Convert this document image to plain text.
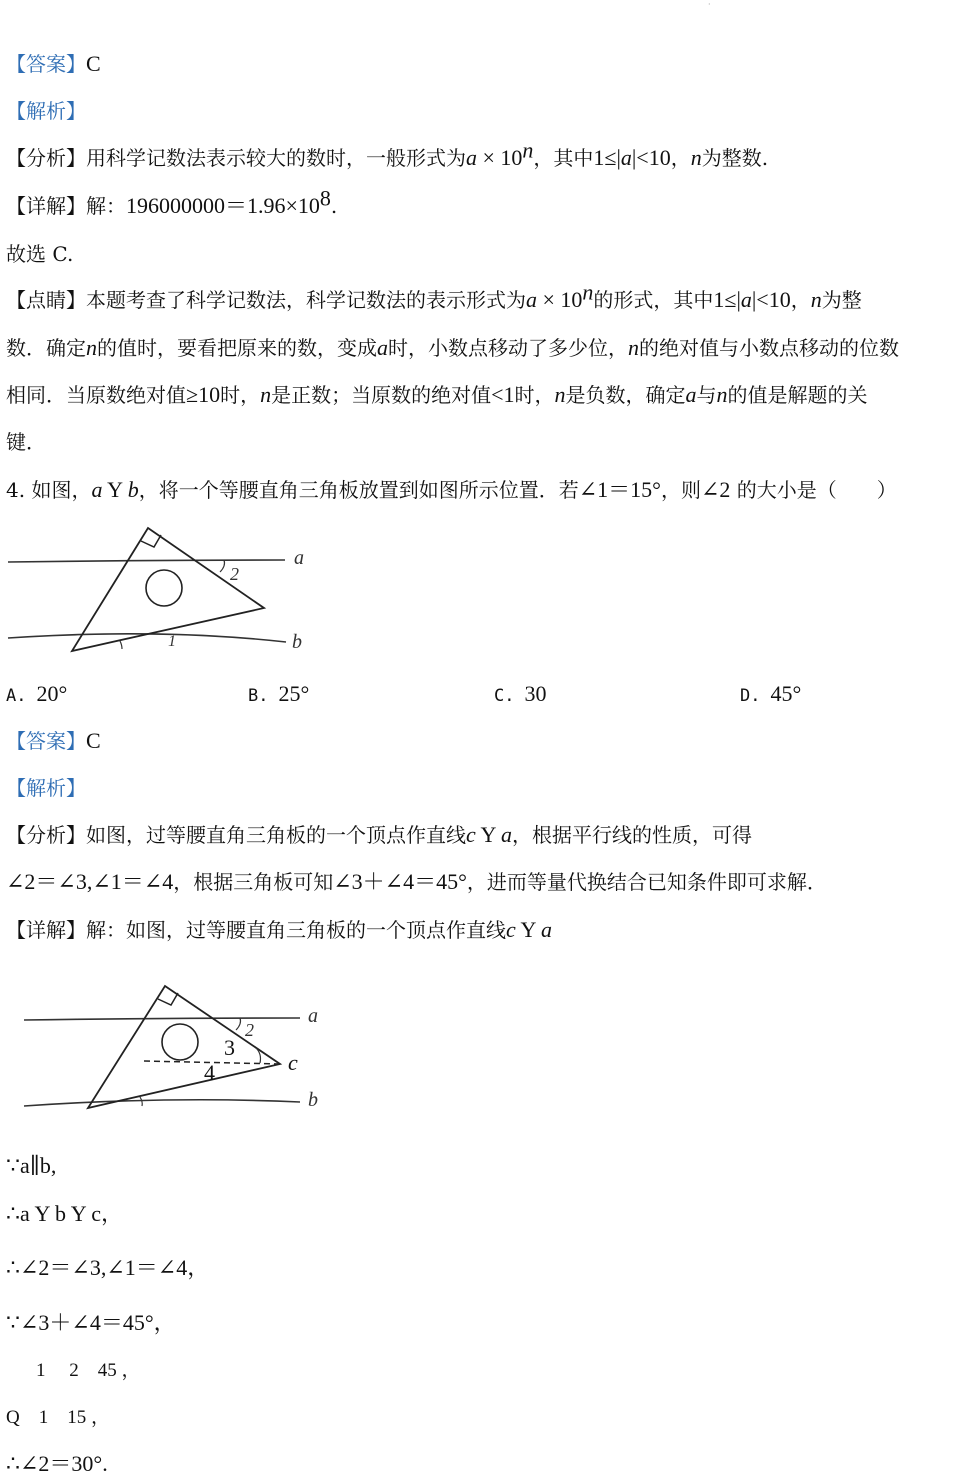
·
【答案】C
【解析】
【分析】用科学记数法表示较大的数时，一般形式为$a \times 10^n$，其中1≤|a|<10，n为整数.
【详解】解：$196000000=1.96\times 10^8$.
故选 C.
【点睛】本题考查了科学记数法，科学记数法的表示形式为$a \times 10^n$的形式，其中1≤|a|<10，n为整
数．确定n的值时，要看把原来的数，变成a时，小数点移动了多少位，n的绝对值与小数点移动的位数
相同．当原数绝对值≥10时，n是正数；当原数的绝对值<1时，n是负数，确定a与n的值是解题的关
键．
4. 如图，a Y b，将一个等腰直角三角板放置到如图所示位置．若∠1＝15°，则∠2 的大小是（　　）
a
b
1
2
A. 20°	B. 25°	C. 30	D. 45°
【答案】C
【解析】
【分析】如图，过等腰直角三角板的一个顶点作直线c Y a，根据平行线的性质，可得
∠2＝∠3,∠1＝∠4，根据三角板可知∠3＋∠4＝45°，进而等量代换结合已知条件即可求解．
【详解】解：如图，过等腰直角三角板的一个顶点作直线c Y a
a
b
c
2
3
4
∵a∥b,
∴a Y b Y c，
∴∠2＝∠3,∠1＝∠4，
∵∠3＋∠4＝45°，
1　 2　45 ，
Q　1　15 ，
∴∠2＝30°.
